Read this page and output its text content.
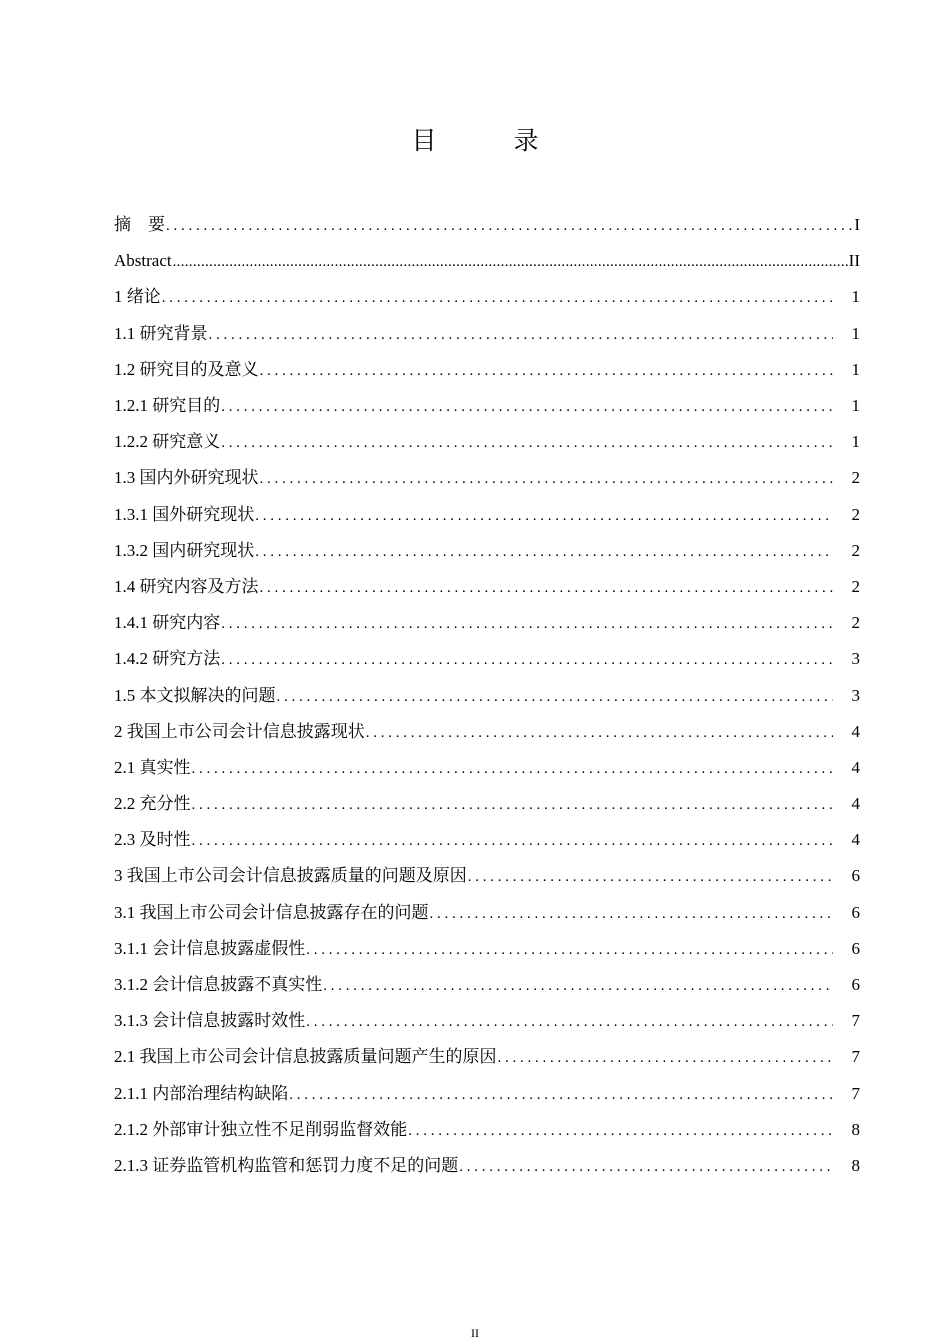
目　录
摘　要 . . .	I
Abstract .....	II
1 绪论 . . .	1
1.1 研究背景 . . .	1
1.2 研究目的及意义 . . .	1
1.2.1 研究目的 . . .	1
1.2.2 研究意义 . . .	1
1.3 国内外研究现状 . . .	2
1.3.1 国外研究现状 . . .	2
1.3.2 国内研究现状 . . .	2
1.4 研究内容及方法 . . .	2
1.4.1 研究内容 . . .	2
1.4.2 研究方法 . . .	3
1.5 本文拟解决的问题 . . .	3
2 我国上市公司会计信息披露现状 . . .	4
2.1 真实性 . . .	4
2.2 充分性 . . .	4
2.3 及时性 . . .	4
3 我国上市公司会计信息披露质量的问题及原因 . . .	6
3.1 我国上市公司会计信息披露存在的问题 . . .	6
3.1.1 会计信息披露虚假性 . . .	6
3.1.2 会计信息披露不真实性 . . .	6
3.1.3 会计信息披露时效性 . . .	7
2.1 我国上市公司会计信息披露质量问题产生的原因 . . .	7
2.1.1 内部治理结构缺陷 . . .	7
2.1.2 外部审计独立性不足削弱监督效能 . . .	8
2.1.3 证券监管机构监管和惩罚力度不足的问题 . . .	8
II
